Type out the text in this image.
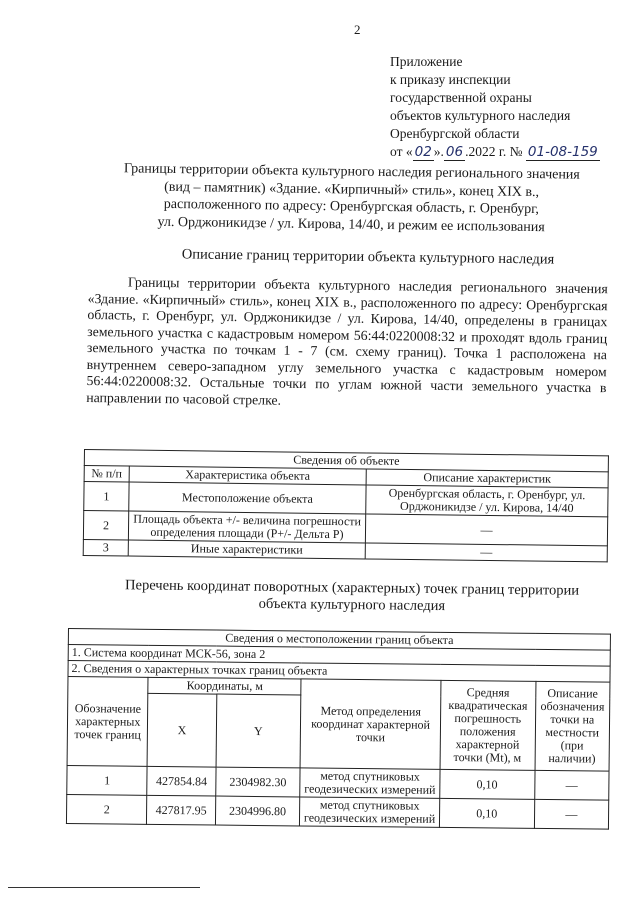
2
Приложение
к приказу инспекции
государственной охраны
объектов культурного наследия
Оренбургской области
от « 02 ». 06 .2022 г. № 01-08-159
Границы территории объекта культурного наследия регионального значения
(вид – памятник) «Здание. «Кирпичный» стиль», конец XIX в.,
расположенного по адресу: Оренбургская область, г. Оренбург,
ул. Орджоникидзе / ул. Кирова, 14/40, и режим ее использования
Описание границ территории объекта культурного наследия
Границы территории объекта культурного наследия регионального значения «Здание. «Кирпичный» стиль», конец XIX в., расположенного по адресу: Оренбургская область, г. Оренбург, ул. Орджоникидзе / ул. Кирова, 14/40, определены в границах земельного участка с кадастровым номером 56:44:0220008:32 и проходят вдоль границ земельного участка по точкам 1 - 7 (см. схему границ). Точка 1 расположена на внутреннем северо-западном углу земельного участка с кадастровым номером 56:44:0220008:32. Остальные точки по углам южной части земельного участка в направлении по часовой стрелке.
Сведения об объекте		
№ п/п	Характеристика объекта	Описание характеристик
1	Местоположение объекта	Оренбургская область, г. Оренбург, ул. Орджоникидзе / ул. Кирова, 14/40
2	Площадь объекта +/- величина погрешности определения площади (Р+/- Дельта Р)	—
3	Иные характеристики	—
Перечень координат поворотных (характерных) точек границ территории
объекта культурного наследия
Сведения о местоположении границ объекта					
1. Система координат МСК-56, зона 2					
2. Сведения о характерных точках границ объекта					
Обозначение характерных точек границ	Координаты, м		Метод определения координат характерной точки	Средняя квадратическая погрешность положения характерной точки (Mt), м	Описание обозначения точки на местности (при наличии)
	X	Y			
1	427854.84	2304982.30	метод спутниковых геодезических измерений	0,10	—
2	427817.95	2304996.80	метод спутниковых геодезических измерений	0,10	—
